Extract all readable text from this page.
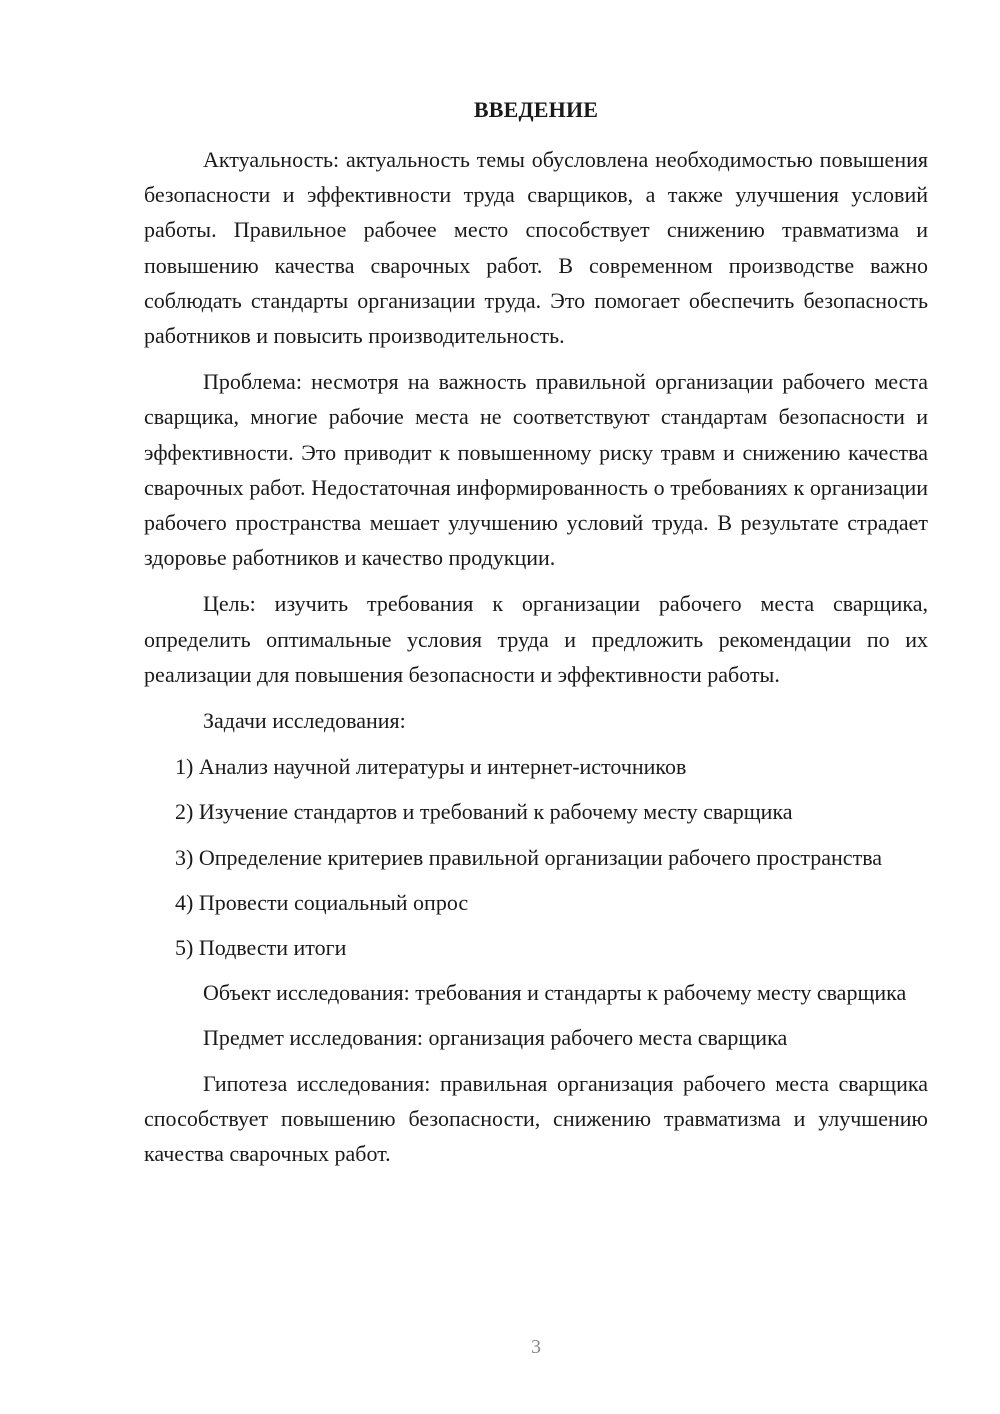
ВВЕДЕНИЕ

Актуальность: актуальность темы обусловлена необходимостью повышения безопасности и эффективности труда сварщиков, а также улучшения условий работы. Правильное рабочее место способствует снижению травматизма и повышению качества сварочных работ. В современном производстве важно соблюдать стандарты организации труда. Это помогает обеспечить безопасность работников и повысить производительность.

Проблема: несмотря на важность правильной организации рабочего места сварщика, многие рабочие места не соответствуют стандартам безопасности и эффективности. Это приводит к повышенному риску травм и снижению качества сварочных работ. Недостаточная информированность о требованиях к организации рабочего пространства мешает улучшению условий труда. В результате страдает здоровье работников и качество продукции.

Цель: изучить требования к организации рабочего места сварщика, определить оптимальные условия труда и предложить рекомендации по их реализации для повышения безопасности и эффективности работы.

Задачи исследования:

1) Анализ научной литературы и интернет-источников

2) Изучение стандартов и требований к рабочему месту сварщика

3) Определение критериев правильной организации рабочего пространства

4) Провести социальный опрос

5) Подвести итоги

Объект исследования: требования и стандарты к рабочему месту сварщика

Предмет исследования: организация рабочего места сварщика

Гипотеза исследования: правильная организация рабочего места сварщика способствует повышению безопасности, снижению травматизма и улучшению качества сварочных работ.

3
